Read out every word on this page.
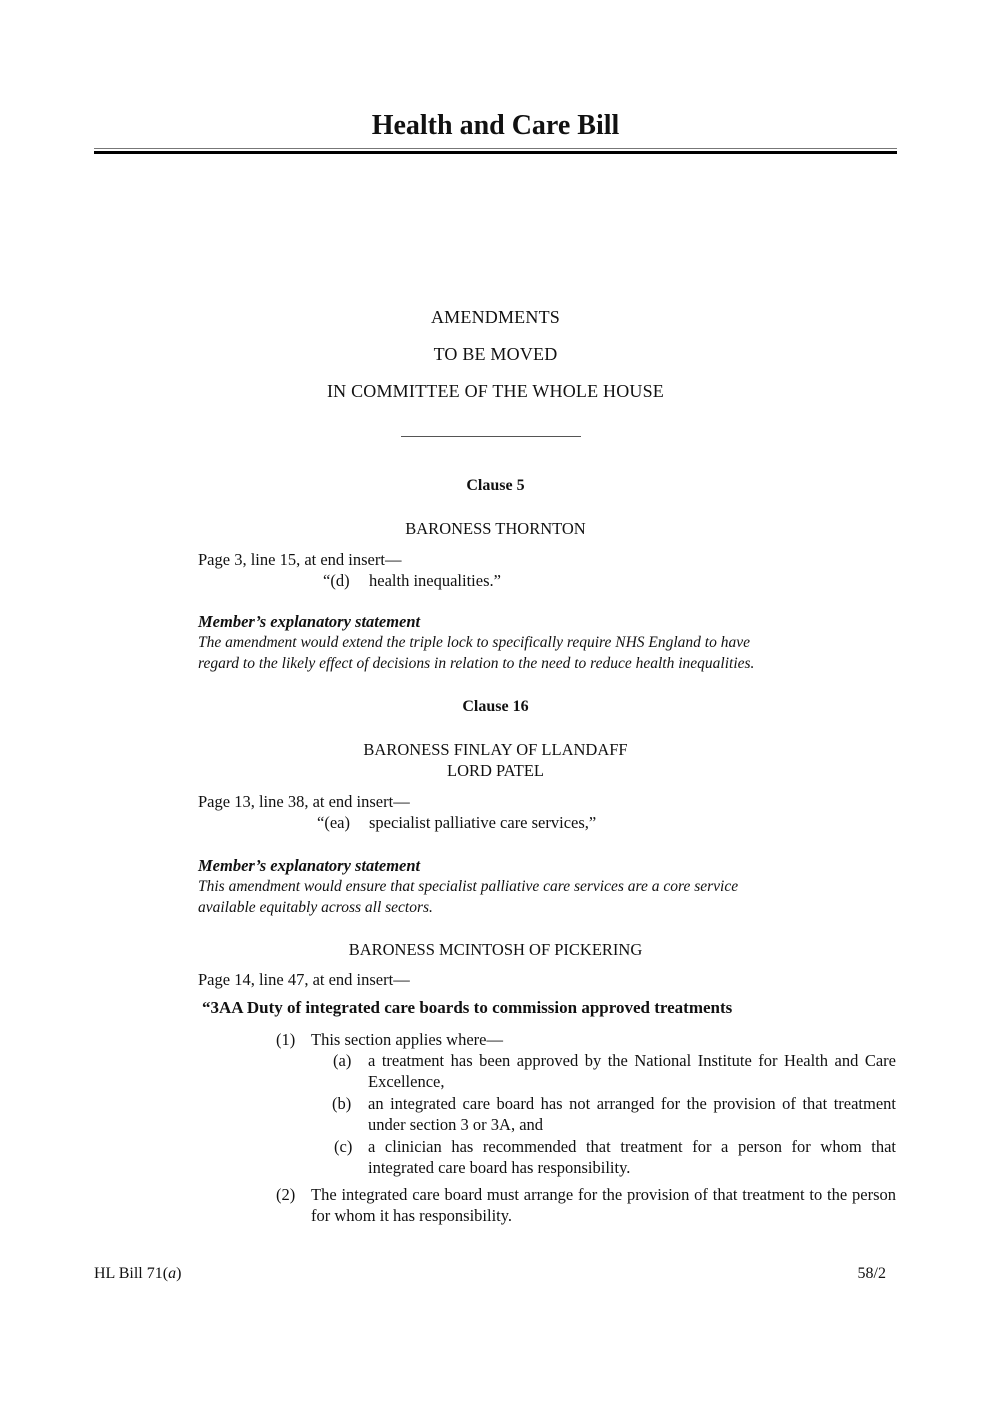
Health and Care Bill
AMENDMENTS
TO BE MOVED
IN COMMITTEE OF THE WHOLE HOUSE
Clause 5
BARONESS THORNTON
Page 3, line 15, at end insert—
“(d) health inequalities.”
Member’s explanatory statement
The amendment would extend the triple lock to specifically require NHS England to have
regard to the likely effect of decisions in relation to the need to reduce health inequalities.
Clause 16
BARONESS FINLAY OF LLANDAFF
LORD PATEL
Page 13, line 38, at end insert—
“(ea) specialist palliative care services,”
Member’s explanatory statement
This amendment would ensure that specialist palliative care services are a core service
available equitably across all sectors.
BARONESS MCINTOSH OF PICKERING
Page 14, line 47, at end insert—
“3AA Duty of integrated care boards to commission approved treatments
(1) This section applies where—
(a) a treatment has been approved by the National Institute for Health and Care Excellence,
(b) an integrated care board has not arranged for the provision of that treatment under section 3 or 3A, and
(c) a clinician has recommended that treatment for a person for whom that integrated care board has responsibility.
(2) The integrated care board must arrange for the provision of that treatment to the person for whom it has responsibility.
HL Bill 71(a)	58/2
